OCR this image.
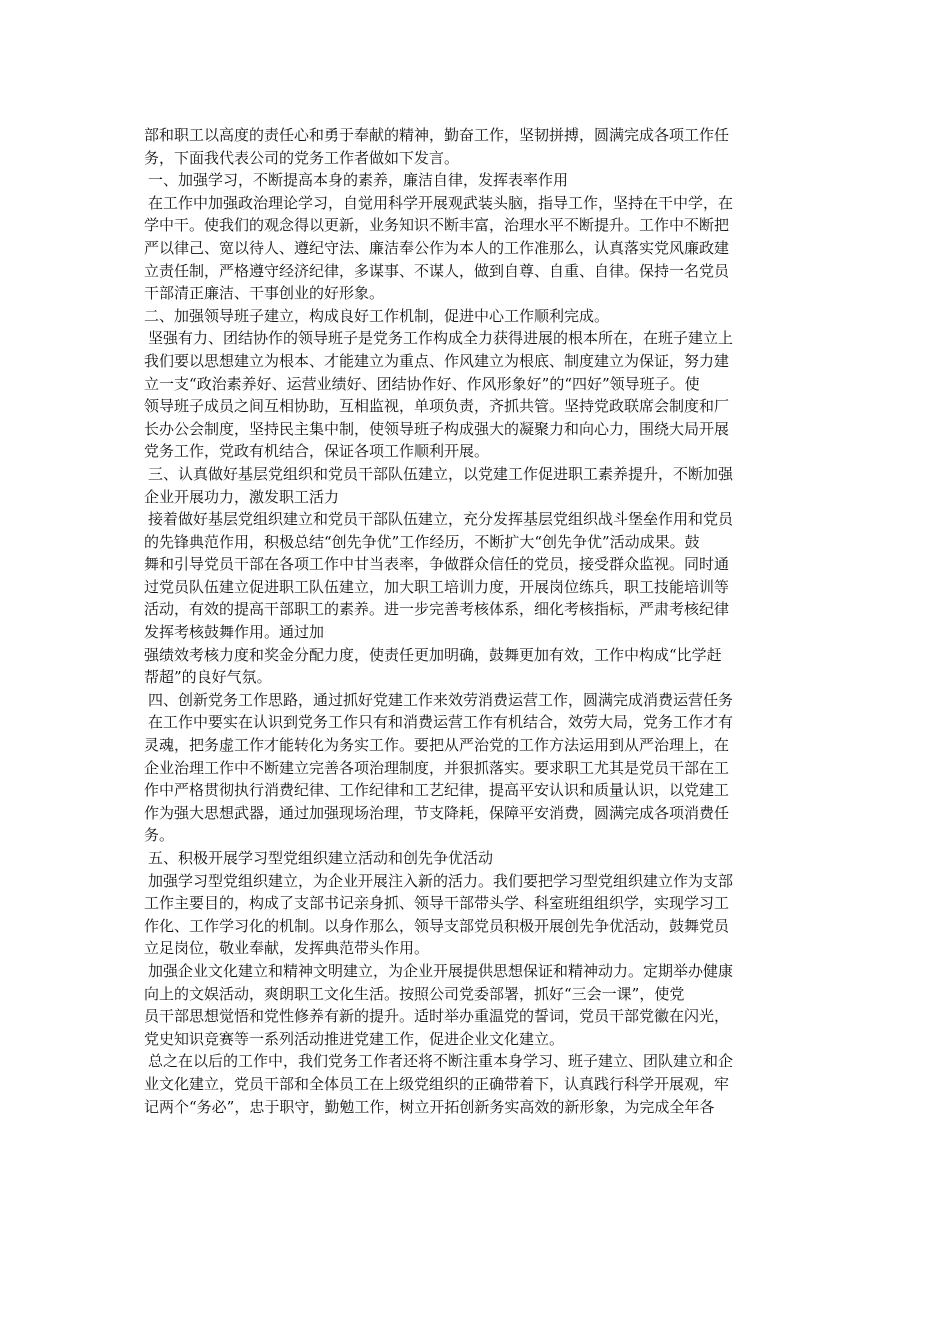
部和职工以高度的责任心和勇于奉献的精神，勤奋工作，坚韧拼搏，圆满完成各项工作任
务，下面我代表公司的党务工作者做如下发言。
一、加强学习，不断提高本身的素养，廉洁自律，发挥表率作用
在工作中加强政治理论学习，自觉用科学开展观武装头脑，指导工作，坚持在干中学，在
学中干。使我们的观念得以更新，业务知识不断丰富，治理水平不断提升。工作中不断把
严以律己、宽以待人、遵纪守法、廉洁奉公作为本人的工作准那么，认真落实党风廉政建
立责任制，严格遵守经济纪律，多谋事、不谋人，做到自尊、自重、自律。保持一名党员
干部清正廉洁、干事创业的好形象。
二、加强领导班子建立，构成良好工作机制，促进中心工作顺利完成。
坚强有力、团结协作的领导班子是党务工作构成全力获得进展的根本所在，在班子建立上
我们要以思想建立为根本、才能建立为重点、作风建立为根底、制度建立为保证，努力建
立一支“政治素养好、运营业绩好、团结协作好、作风形象好”的“四好”领导班子。使
领导班子成员之间互相协助，互相监视，单项负责，齐抓共管。坚持党政联席会制度和厂
长办公会制度，坚持民主集中制，使领导班子构成强大的凝聚力和向心力，围绕大局开展
党务工作，党政有机结合，保证各项工作顺利开展。
三、认真做好基层党组织和党员干部队伍建立，以党建工作促进职工素养提升，不断加强
企业开展功力，激发职工活力
接着做好基层党组织建立和党员干部队伍建立，充分发挥基层党组织战斗堡垒作用和党员
的先锋典范作用，积极总结“创先争优”工作经历，不断扩大“创先争优”活动成果。鼓
舞和引导党员干部在各项工作中甘当表率，争做群众信任的党员，接受群众监视。同时通
过党员队伍建立促进职工队伍建立，加大职工培训力度，开展岗位练兵，职工技能培训等
活动，有效的提高干部职工的素养。进一步完善考核体系，细化考核指标，严肃考核纪律
发挥考核鼓舞作用。通过加
强绩效考核力度和奖金分配力度，使责任更加明确，鼓舞更加有效，工作中构成“比学赶
帮超”的良好气氛。
四、创新党务工作思路，通过抓好党建工作来效劳消费运营工作，圆满完成消费运营任务
在工作中要实在认识到党务工作只有和消费运营工作有机结合，效劳大局，党务工作才有
灵魂，把务虚工作才能转化为务实工作。要把从严治党的工作方法运用到从严治理上，在
企业治理工作中不断建立完善各项治理制度，并狠抓落实。要求职工尤其是党员干部在工
作中严格贯彻执行消费纪律、工作纪律和工艺纪律，提高平安认识和质量认识，以党建工
作为强大思想武器，通过加强现场治理，节支降耗，保障平安消费，圆满完成各项消费任
务。
五、积极开展学习型党组织建立活动和创先争优活动
加强学习型党组织建立，为企业开展注入新的活力。我们要把学习型党组织建立作为支部
工作主要目的，构成了支部书记亲身抓、领导干部带头学、科室班组组织学，实现学习工
作化、工作学习化的机制。以身作那么，领导支部党员积极开展创先争优活动，鼓舞党员
立足岗位，敬业奉献，发挥典范带头作用。
加强企业文化建立和精神文明建立，为企业开展提供思想保证和精神动力。定期举办健康
向上的文娱活动，爽朗职工文化生活。按照公司党委部署，抓好“三会一课”，使党
员干部思想觉悟和党性修养有新的提升。适时举办重温党的誓词，党员干部党徽在闪光，
党史知识竞赛等一系列活动推进党建工作，促进企业文化建立。
总之在以后的工作中，我们党务工作者还将不断注重本身学习、班子建立、团队建立和企
业文化建立，党员干部和全体员工在上级党组织的正确带着下，认真践行科学开展观，牢
记两个“务必”，忠于职守，勤勉工作，树立开拓创新务实高效的新形象，为完成全年各
